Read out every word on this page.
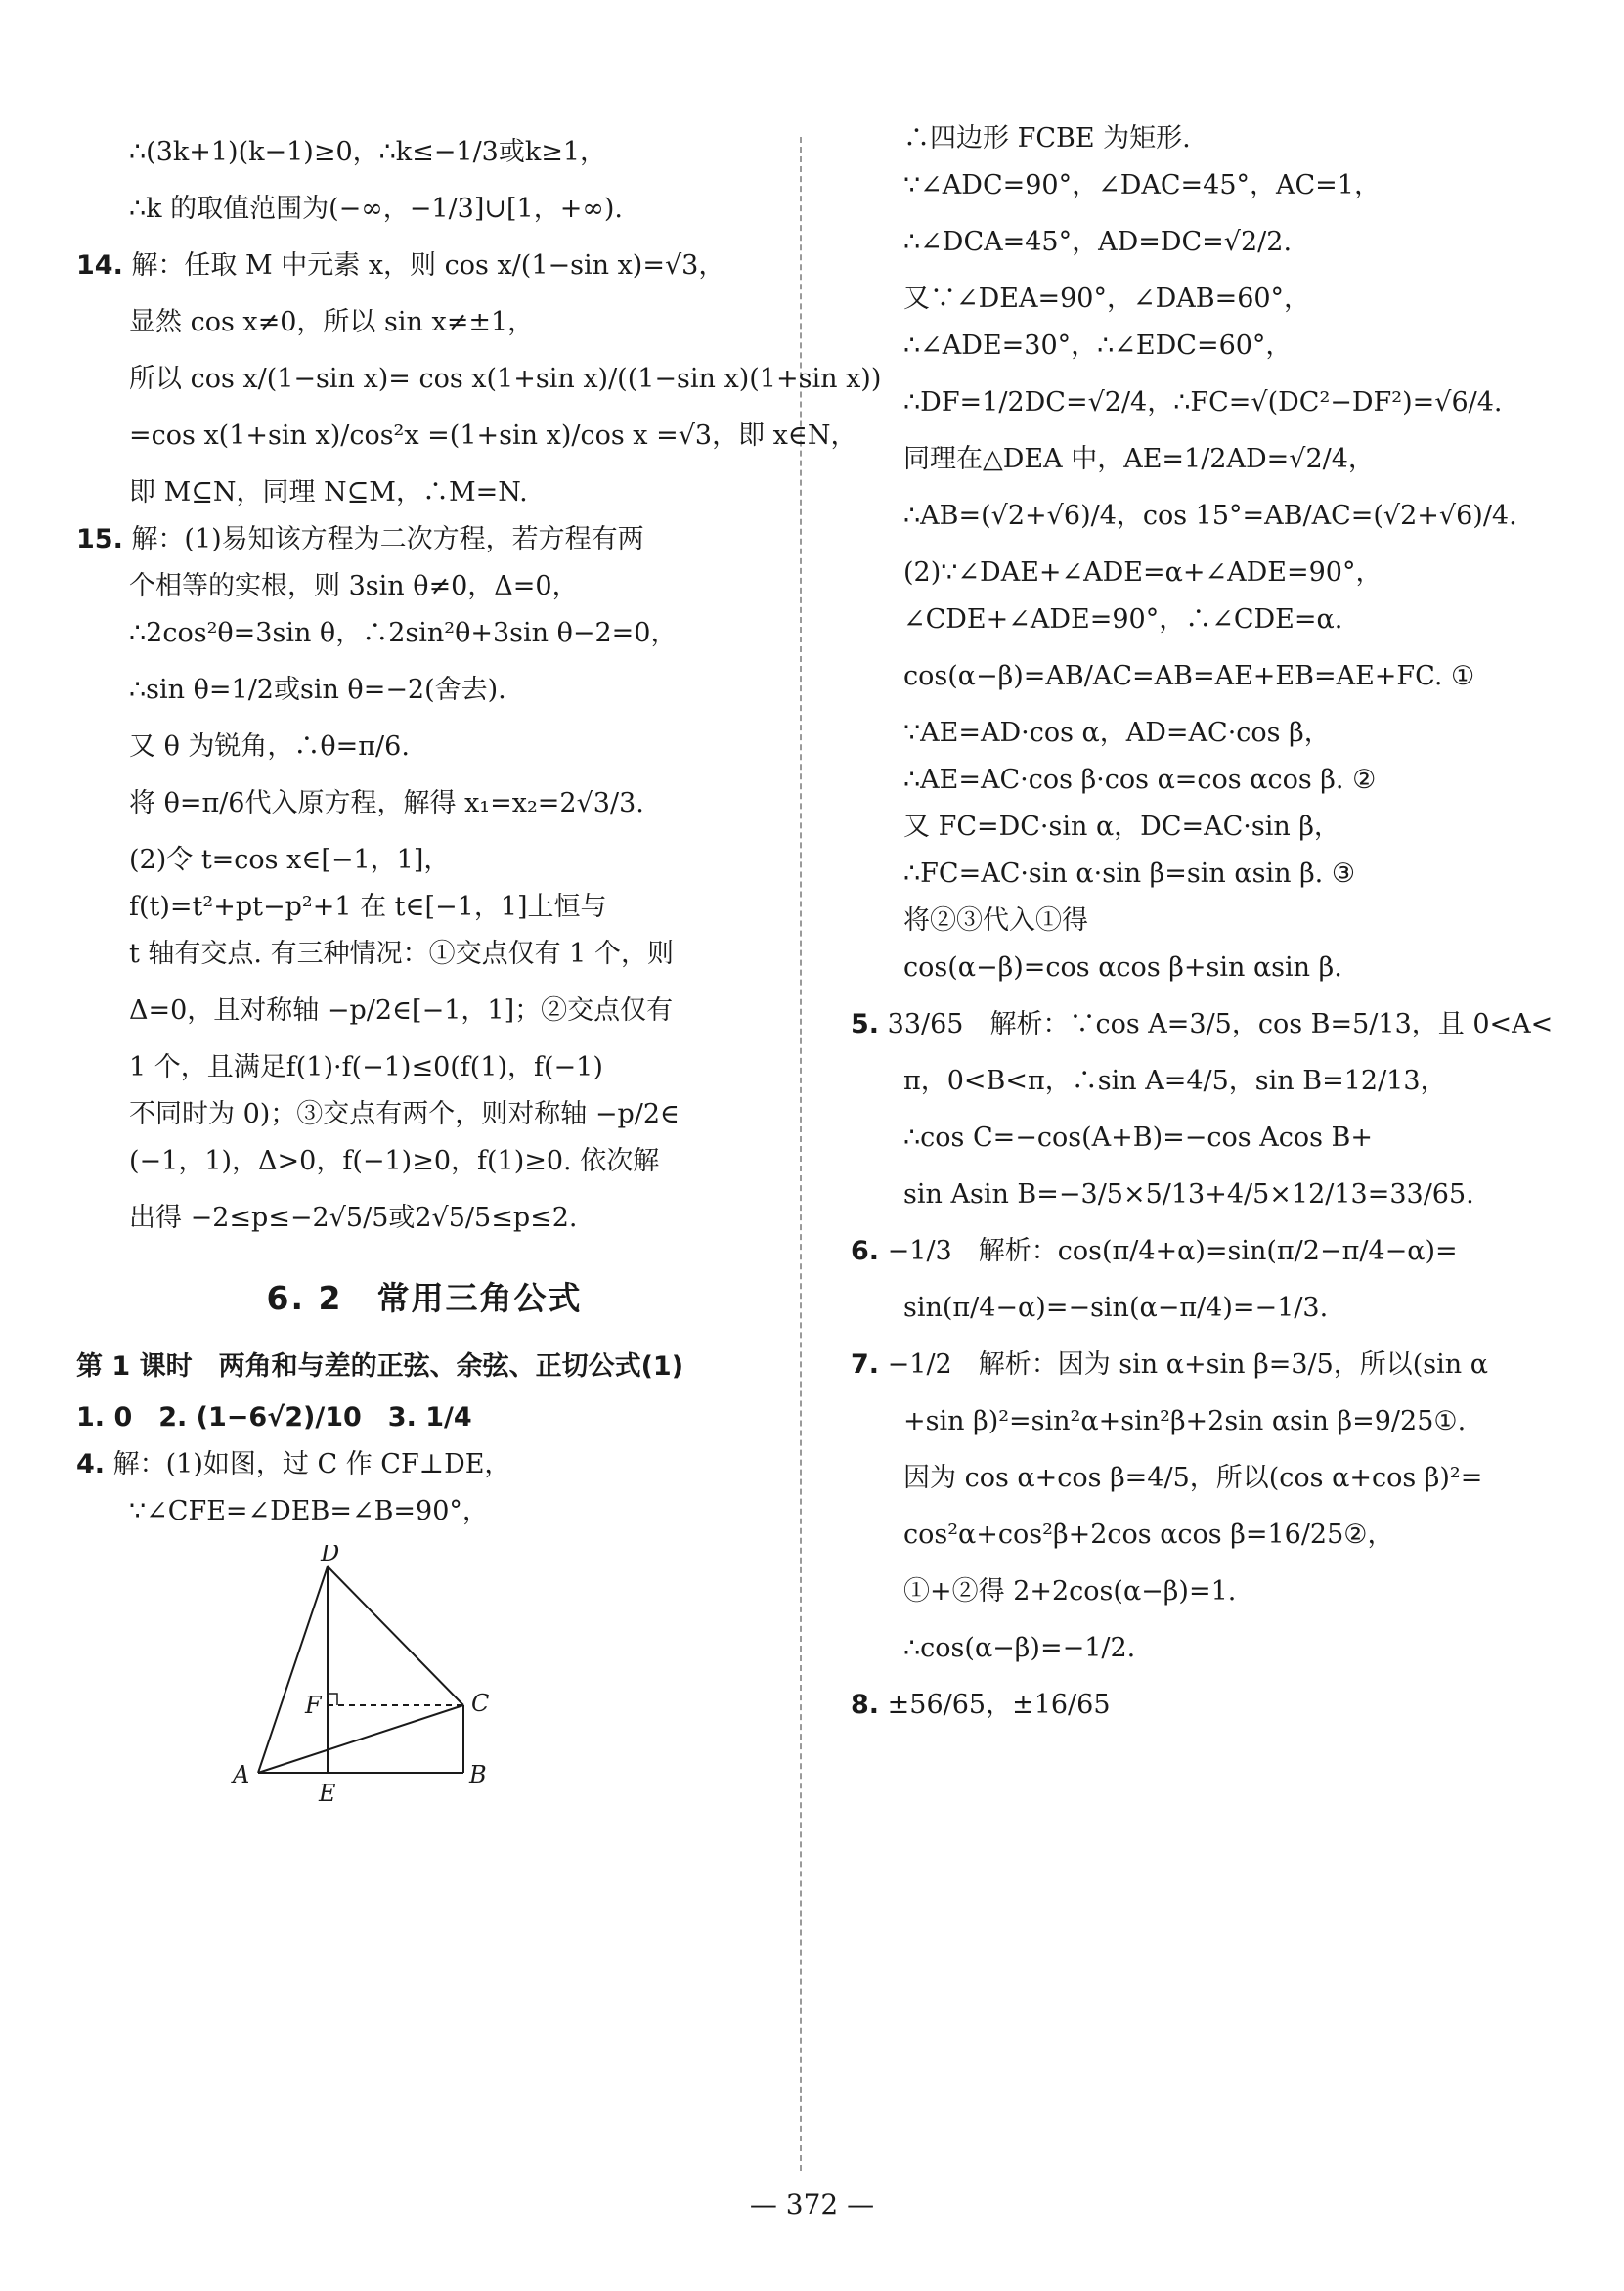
∴(3k+1)(k−1)≥0，∴k≤−1/3或k≥1，
∴k 的取值范围为(−∞，−1/3]∪[1，+∞).
14. 解：任取 M 中元素 x，则 cos x/(1−sin x)=√3，
显然 cos x≠0，所以 sin x≠±1，
所以 cos x/(1−sin x)= cos x(1+sin x)/((1−sin x)(1+sin x))
=cos x(1+sin x)/cos²x =(1+sin x)/cos x =√3，即 x∈N，
即 M⊆N，同理 N⊆M，∴M=N.
15. 解：(1)易知该方程为二次方程，若方程有两
个相等的实根，则 3sin θ≠0，Δ=0，
∴2cos²θ=3sin θ，∴2sin²θ+3sin θ−2=0，
∴sin θ=1/2或sin θ=−2(舍去).
又 θ 为锐角，∴θ=π/6.
将 θ=π/6代入原方程，解得 x₁=x₂=2√3/3.
(2)令 t=cos x∈[−1，1]，
f(t)=t²+pt−p²+1 在 t∈[−1，1]上恒与
t 轴有交点. 有三种情况：①交点仅有 1 个，则
Δ=0，且对称轴 −p/2∈[−1，1]；②交点仅有
1 个，且满足f(1)·f(−1)≤0(f(1)，f(−1)
不同时为 0)；③交点有两个，则对称轴 −p/2∈
(−1，1)，Δ>0，f(−1)≥0，f(1)≥0. 依次解
出得 −2≤p≤−2√5/5或2√5/5≤p≤2.
6. 2　常用三角公式
第 1 课时　两角和与差的正弦、余弦、正切公式(1)
1. 0　2. (1−6√2)/10　3. 1/4
4. 解：(1)如图，过 C 作 CF⊥DE，
∵∠CFE=∠DEB=∠B=90°，
D
F	C
A
E
B
∴四边形 FCBE 为矩形.
∵∠ADC=90°，∠DAC=45°，AC=1，
∴∠DCA=45°，AD=DC=√2/2.
又∵∠DEA=90°，∠DAB=60°，
∴∠ADE=30°，∴∠EDC=60°，
∴DF=1/2DC=√2/4，∴FC=√(DC²−DF²)=√6/4.
同理在△DEA 中，AE=1/2AD=√2/4，
∴AB=(√2+√6)/4，cos 15°=AB/AC=(√2+√6)/4.
(2)∵∠DAE+∠ADE=α+∠ADE=90°，
∠CDE+∠ADE=90°，∴∠CDE=α.
cos(α−β)=AB/AC=AB=AE+EB=AE+FC. ①
∵AE=AD·cos α，AD=AC·cos β，
∴AE=AC·cos β·cos α=cos αcos β. ②
又 FC=DC·sin α，DC=AC·sin β，
∴FC=AC·sin α·sin β=sin αsin β. ③
将②③代入①得
cos(α−β)=cos αcos β+sin αsin β.
5. 33/65　解析：∵cos A=3/5，cos B=5/13，且 0<A<
π，0<B<π，∴sin A=4/5，sin B=12/13，
∴cos C=−cos(A+B)=−cos Acos B+
sin Asin B=−3/5×5/13+4/5×12/13=33/65.
6. −1/3　解析：cos(π/4+α)=sin(π/2−π/4−α)=
sin(π/4−α)=−sin(α−π/4)=−1/3.
7. −1/2　解析：因为 sin α+sin β=3/5，所以(sin α
+sin β)²=sin²α+sin²β+2sin αsin β=9/25①.
因为 cos α+cos β=4/5，所以(cos α+cos β)²=
cos²α+cos²β+2cos αcos β=16/25②，
①+②得 2+2cos(α−β)=1.
∴cos(α−β)=−1/2.
8. ±56/65，±16/65
— 372 —
